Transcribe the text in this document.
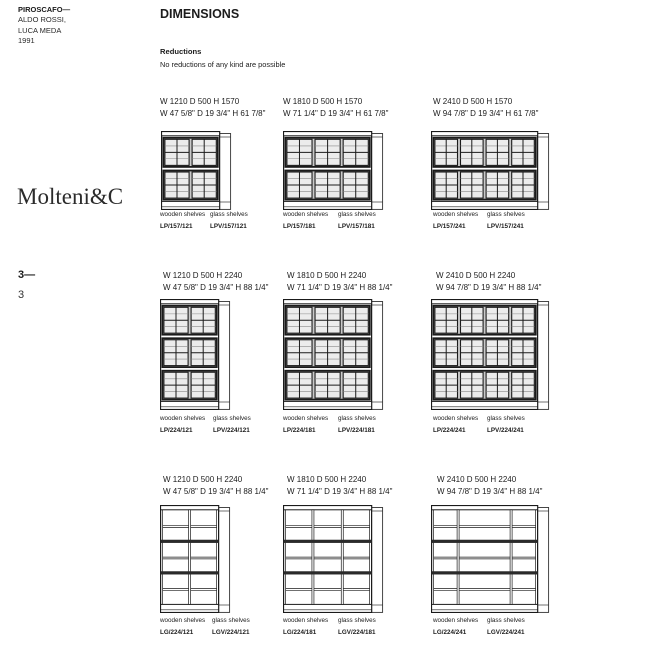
PIROSCAFO—
ALDO ROSSI,
LUCA MEDA
1991
DIMENSIONS
Reductions
No reductions of any kind are possible
Molteni&C
3—
3
W 1210 D 500 H 1570
W 47 5/8" D 19 3/4" H 61 7/8"
wooden shelves glass shelves
LP/157/121	LPV/157/121
W 1810 D 500 H 1570
W 71 1/4" D 19 3/4" H 61 7/8"
wooden shelves glass shelves
LP/157/181	LPV/157/181
W 2410 D 500 H 1570
W 94 7/8" D 19 3/4" H 61 7/8"
wooden shelves glass shelves
LP/157/241	LPV/157/241
W 1210 D 500 H 2240
W 47 5/8" D 19 3/4" H 88 1/4"
wooden shelves glass shelves
LP/224/121	LPV/224/121
W 1810 D 500 H 2240
W 71 1/4" D 19 3/4" H 88 1/4"
wooden shelves glass shelves
LP/224/181	LPV/224/181
W 2410 D 500 H 2240
W 94 7/8" D 19 3/4" H 88 1/4"
wooden shelves glass shelves
LP/224/241	LPV/224/241
W 1210 D 500 H 2240
W 47 5/8" D 19 3/4" H 88 1/4"
wooden shelves glass shelves
LG/224/121	LGV/224/121
W 1810 D 500 H 2240
W 71 1/4" D 19 3/4" H 88 1/4"
wooden shelves glass shelves
LG/224/181	LGV/224/181
W 2410 D 500 H 2240
W 94 7/8" D 19 3/4" H 88 1/4"
wooden shelves glass shelves
LG/224/241	LGV/224/241
